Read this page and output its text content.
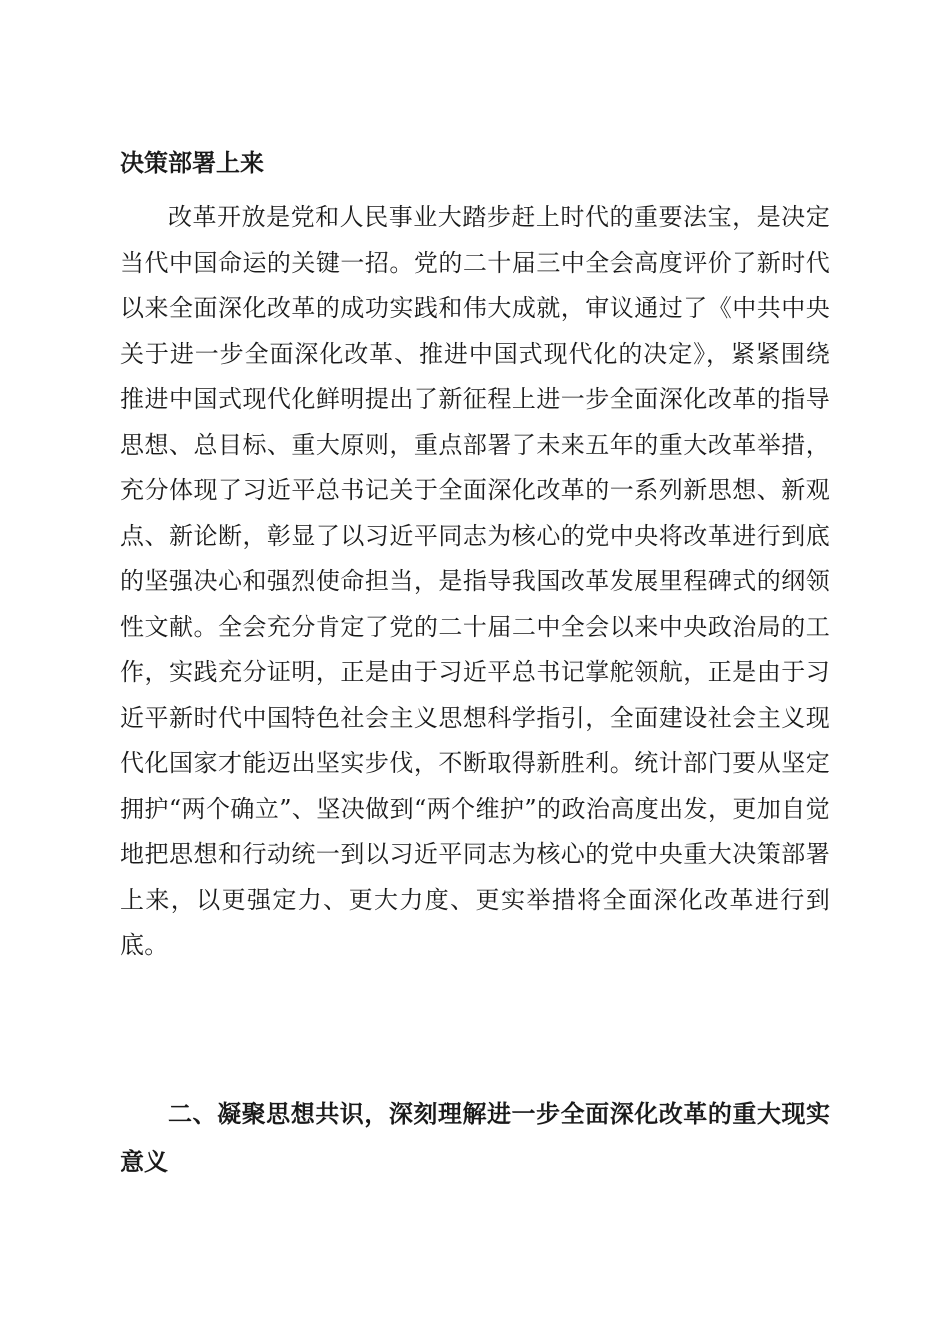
决策部署上来
改革开放是党和人民事业大踏步赶上时代的重要法宝，是决定当代中国命运的关键一招。党的二十届三中全会高度评价了新时代以来全面深化改革的成功实践和伟大成就，审议通过了《中共中央关于进一步全面深化改革、推进中国式现代化的决定》，紧紧围绕推进中国式现代化鲜明提出了新征程上进一步全面深化改革的指导思想、总目标、重大原则，重点部署了未来五年的重大改革举措，充分体现了习近平总书记关于全面深化改革的一系列新思想、新观点、新论断，彰显了以习近平同志为核心的党中央将改革进行到底的坚强决心和强烈使命担当，是指导我国改革发展里程碑式的纲领性文献。全会充分肯定了党的二十届二中全会以来中央政治局的工作，实践充分证明，正是由于习近平总书记掌舵领航，正是由于习近平新时代中国特色社会主义思想科学指引，全面建设社会主义现代化国家才能迈出坚实步伐，不断取得新胜利。统计部门要从坚定拥护“两个确立”、坚决做到“两个维护”的政治高度出发，更加自觉地把思想和行动统一到以习近平同志为核心的党中央重大决策部署上来，以更强定力、更大力度、更实举措将全面深化改革进行到底。
二、凝聚思想共识，深刻理解进一步全面深化改革的重大现实意义
